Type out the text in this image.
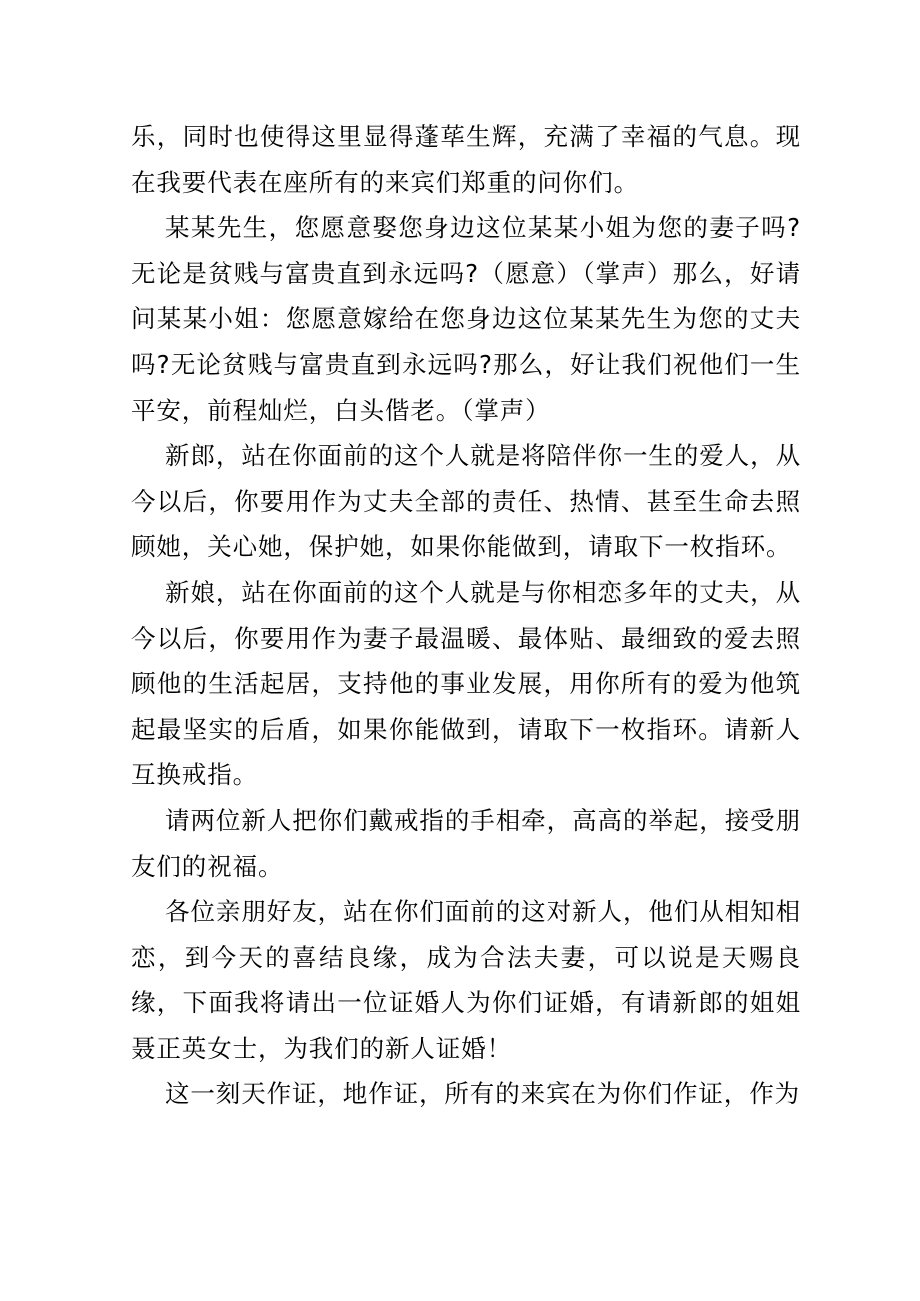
乐，同时也使得这里显得蓬荜生辉，充满了幸福的气息。现在我要代表在座所有的来宾们郑重的问你们。

某某先生，您愿意娶您身边这位某某小姐为您的妻子吗?无论是贫贱与富贵直到永远吗?（愿意）（掌声）那么，好请问某某小姐：您愿意嫁给在您身边这位某某先生为您的丈夫吗?无论贫贱与富贵直到永远吗?那么，好让我们祝他们一生平安，前程灿烂，白头偕老。（掌声）

新郎，站在你面前的这个人就是将陪伴你一生的爱人，从今以后，你要用作为丈夫全部的责任、热情、甚至生命去照顾她，关心她，保护她，如果你能做到，请取下一枚指环。

新娘，站在你面前的这个人就是与你相恋多年的丈夫，从今以后，你要用作为妻子最温暖、最体贴、最细致的爱去照顾他的生活起居，支持他的事业发展，用你所有的爱为他筑起最坚实的后盾，如果你能做到，请取下一枚指环。请新人互换戒指。

请两位新人把你们戴戒指的手相牵，高高的举起，接受朋友们的祝福。

各位亲朋好友，站在你们面前的这对新人，他们从相知相恋，到今天的喜结良缘，成为合法夫妻，可以说是天赐良缘，下面我将请出一位证婚人为你们证婚，有请新郎的姐姐聂正英女士，为我们的新人证婚！

这一刻天作证，地作证，所有的来宾在为你们作证，作为
